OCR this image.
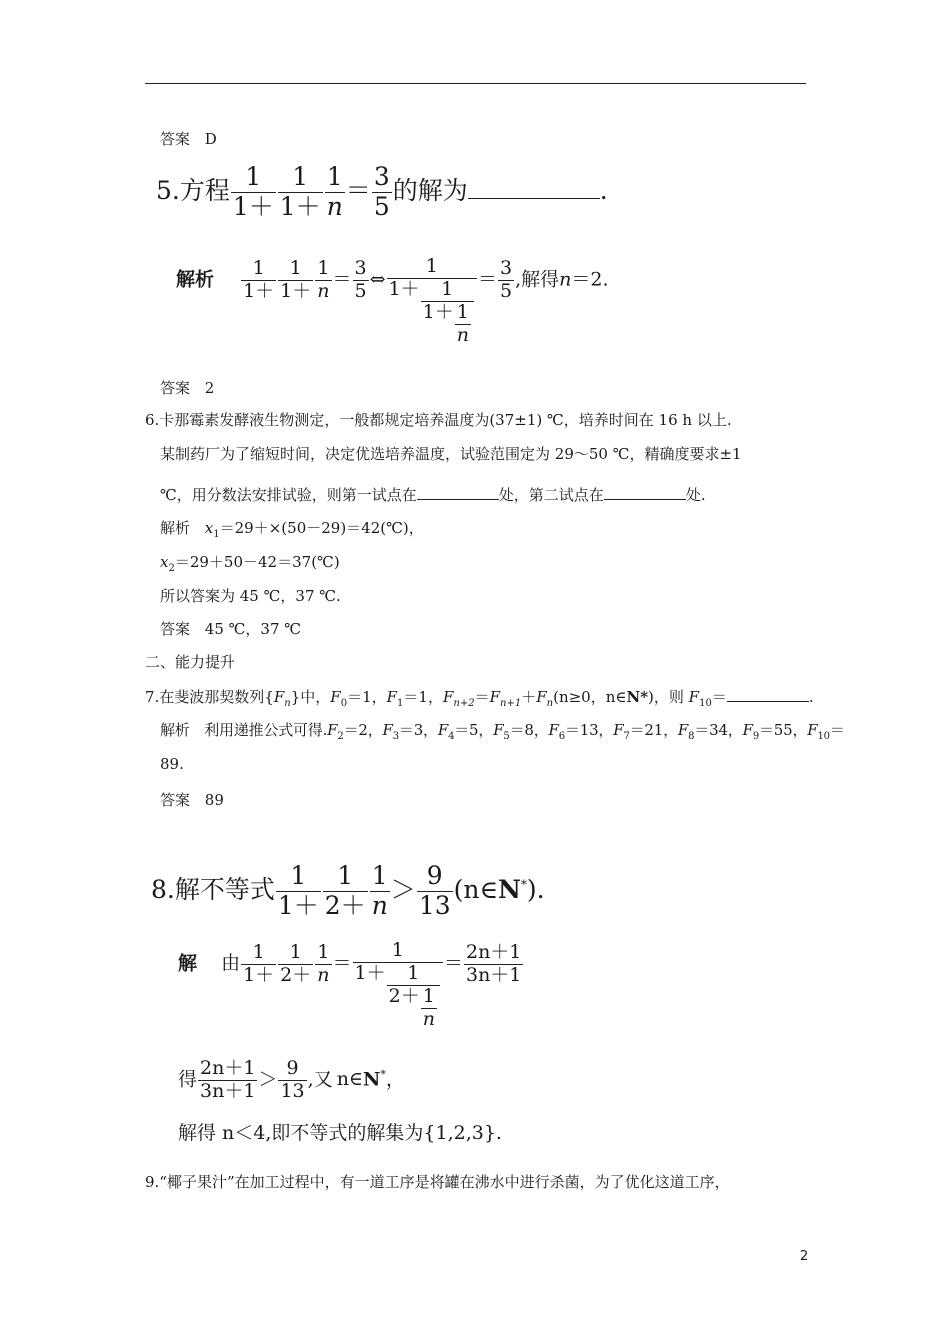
答案 D
5.方程 $\frac{1}{1+} \frac{1}{1+} \frac{1}{n} = \frac{3}{5}$ 的解为	.
解析 $\frac{1}{1+} \frac{1}{1+} \frac{1}{n} = \frac{3}{5}$ ⇔ $\frac{1}{1+ \frac{1}{1+ \frac{1}{n}}} = \frac{3}{5}$ ,解得n＝2.
答案 2
6.卡那霉素发酵液生物测定，一般都规定培养温度为(37±1) ℃，培养时间在 16 h 以上.
某制药厂为了缩短时间，决定优选培养温度，试验范围定为 29～50 ℃，精确度要求±1
℃，用分数法安排试验，则第一试点在	处，第二试点在	处.
解析 $x_1=29+\times(50-29)=42(℃)$，
$x_2=29+50-42=37(℃)$
所以答案为 45 ℃，37 ℃.
答案 45 ℃，37 ℃
二、能力提升
7.在斐波那契数列$\{F_n\}$中，$F_0=1$，$F_1=1$，$F_{n+2}=F_{n+1}+F_n(n\ge 0$，n∈N*)，则 $F_{10}=$	.
解析 利用递推公式可得$.F_2=2$，$F_3=3$，$F_4=5$，$F_5=8$，$F_6=13$，$F_7=21$，$F_8=34$，$F_9=55$，$F_{10}=$
89.
答案 89
8.解不等式 $\frac{1}{1+} \frac{1}{2+} \frac{1}{n} > \frac{9}{13}$ (n∈N*).
解 由 $\frac{1}{1+} \frac{1}{2+} \frac{1}{n} = \frac{1}{1+ \frac{1}{2+ \frac{1}{n}}} = \frac{2n+1}{3n+1}$
得 $\frac{2n+1}{3n+1} > \frac{9}{13}$ ,又 n∈N*，
解得 n＜4,即不等式的解集为{1,2,3}.
9.“椰子果汁”在加工过程中，有一道工序是将罐在沸水中进行杀菌，为了优化这道工序，
2
